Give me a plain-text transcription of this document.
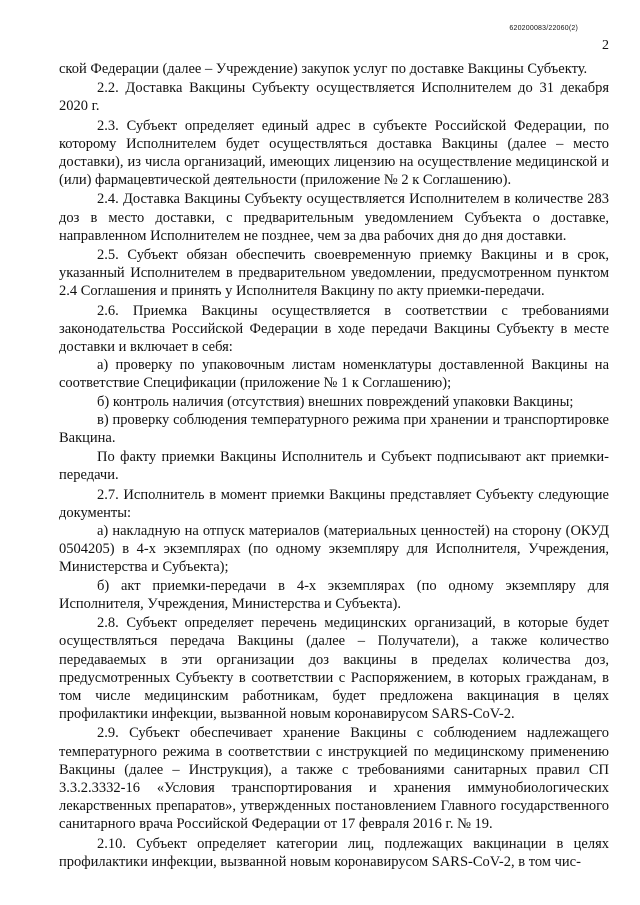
620200083/22060(2)
2

ской Федерации (далее – Учреждение) закупок услуг по доставке Вакцины Субъекту.

2.2. Доставка Вакцины Субъекту осуществляется Исполнителем до 31 декабря 2020 г.

2.3. Субъект определяет единый адрес в субъекте Российской Федерации, по которому Исполнителем будет осуществляться доставка Вакцины (далее – место доставки), из числа организаций, имеющих лицензию на осуществление медицинской и (или) фармацевтической деятельности (приложение № 2 к Соглашению).

2.4. Доставка Вакцины Субъекту осуществляется Исполнителем в количестве 283 доз в место доставки, с предварительным уведомлением Субъекта о доставке, направленном Исполнителем не позднее, чем за два рабочих дня до дня доставки.

2.5. Субъект обязан обеспечить своевременную приемку Вакцины и в срок, указанный Исполнителем в предварительном уведомлении, предусмотренном пунктом 2.4 Соглашения и принять у Исполнителя Вакцину по акту приемки-передачи.

2.6. Приемка Вакцины осуществляется в соответствии с требованиями законодательства Российской Федерации в ходе передачи Вакцины Субъекту в месте доставки и включает в себя:

а) проверку по упаковочным листам номенклатуры доставленной Вакцины на соответствие Спецификации (приложение № 1 к Соглашению);

б) контроль наличия (отсутствия) внешних повреждений упаковки Вакцины;

в) проверку соблюдения температурного режима при хранении и транспортировке Вакцина.

По факту приемки Вакцины Исполнитель и Субъект подписывают акт приемки-передачи.

2.7. Исполнитель в момент приемки Вакцины представляет Субъекту следующие документы:

а) накладную на отпуск материалов (материальных ценностей) на сторону (ОКУД 0504205) в 4-х экземплярах (по одному экземпляру для Исполнителя, Учреждения, Министерства и Субъекта);

б) акт приемки-передачи в 4-х экземплярах (по одному экземпляру для Исполнителя, Учреждения, Министерства и Субъекта).

2.8. Субъект определяет перечень медицинских организаций, в которые будет осуществляться передача Вакцины (далее – Получатели), а также количество передаваемых в эти организации доз вакцины в пределах количества доз, предусмотренных Субъекту в соответствии с Распоряжением, в которых гражданам, в том числе медицинским работникам, будет предложена вакцинация в целях профилактики инфекции, вызванной новым коронавирусом SARS-CoV-2.

2.9. Субъект обеспечивает хранение Вакцины с соблюдением надлежащего температурного режима в соответствии с инструкцией по медицинскому применению Вакцины (далее – Инструкция), а также с требованиями санитарных правил СП 3.3.2.3332-16 «Условия транспортирования и хранения иммунобиологических лекарственных препаратов», утвержденных постановлением Главного государственного санитарного врача Российской Федерации от 17 февраля 2016 г. № 19.

2.10. Субъект определяет категории лиц, подлежащих вакцинации в целях профилактики инфекции, вызванной новым коронавирусом SARS-CoV-2, в том чис-
